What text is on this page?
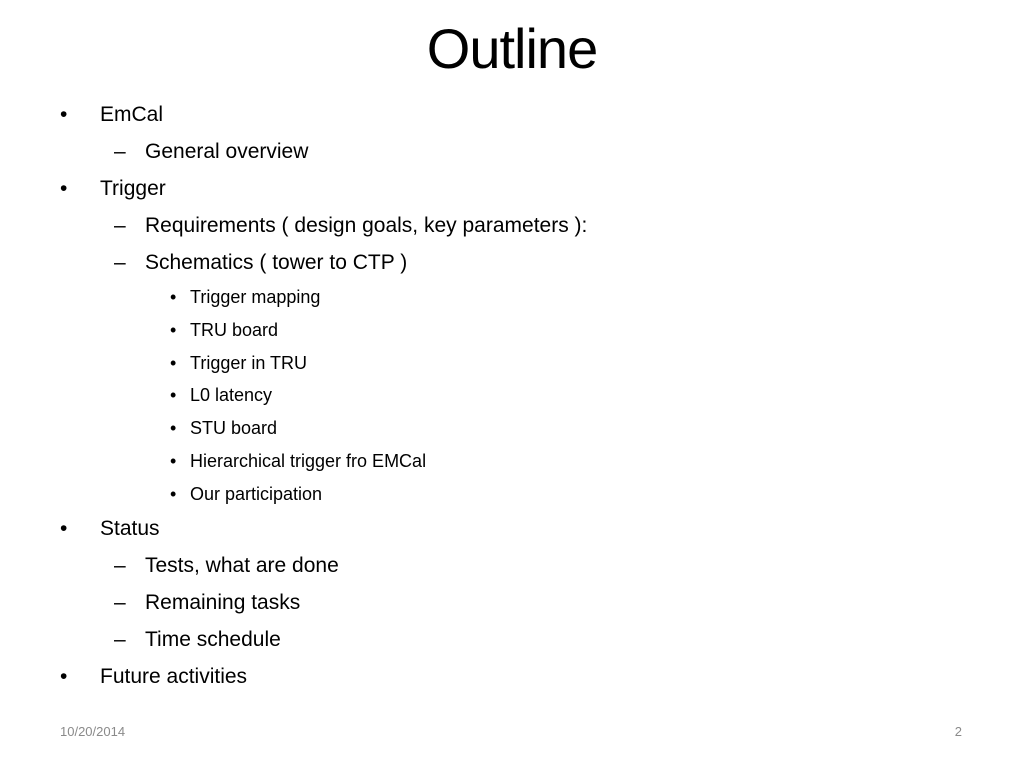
Outline
• EmCal
– General overview
• Trigger
– Requirements ( design goals, key parameters ):
– Schematics ( tower to CTP )
• Trigger mapping
• TRU board
• Trigger in TRU
• L0 latency
• STU board
• Hierarchical trigger fro EMCal
• Our participation
• Status
– Tests, what are done
– Remaining tasks
– Time schedule
• Future activities
10/20/2014	2
